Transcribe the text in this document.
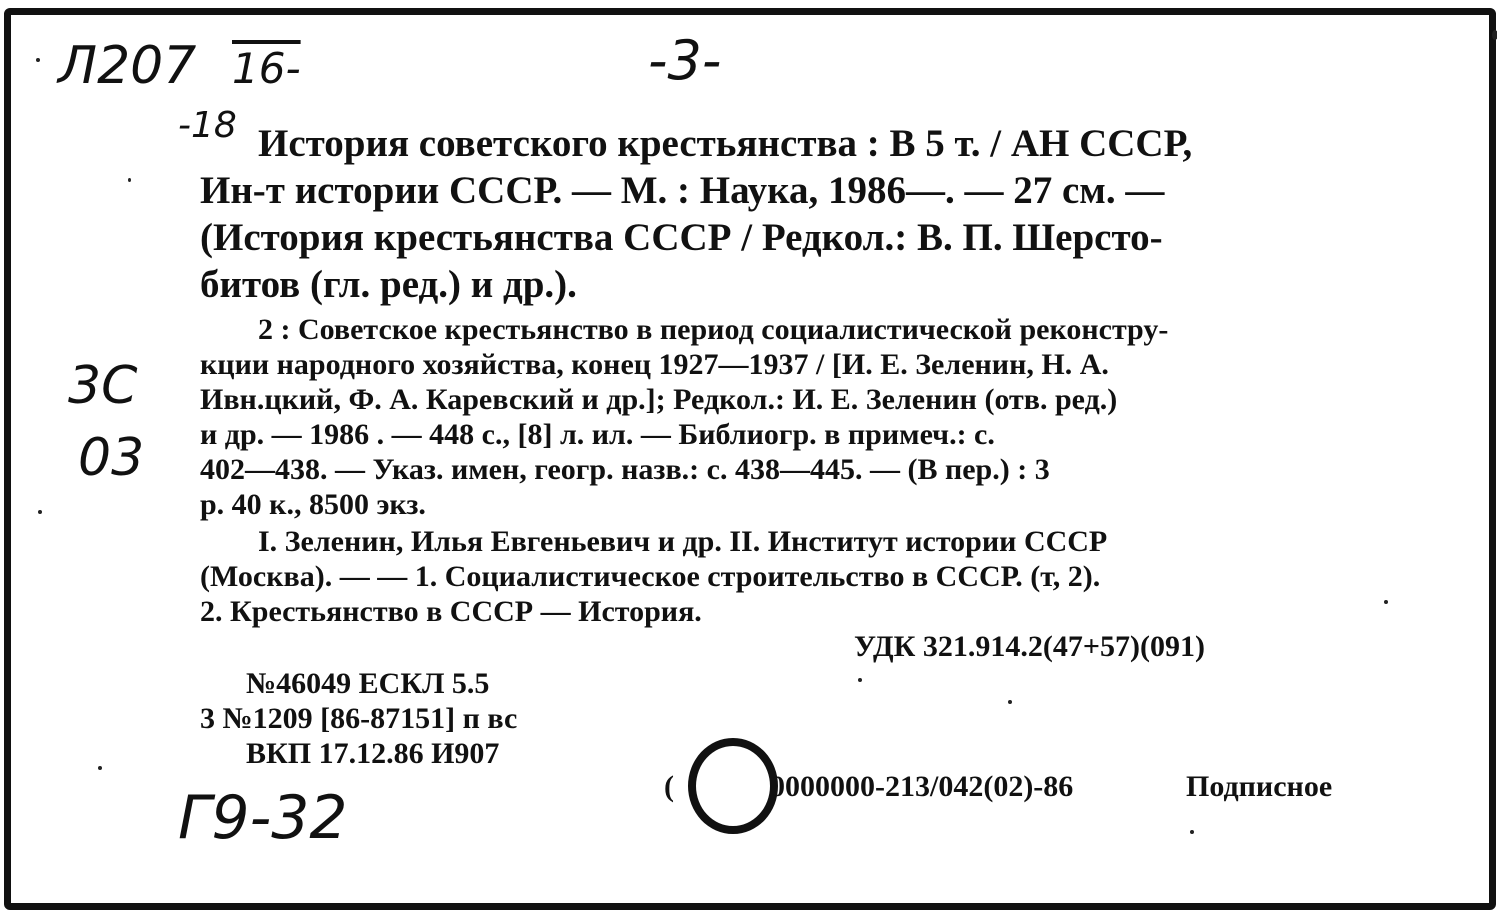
Л207 16-
-18
-3-
3С
03
Г9-32
История советского крестьянства : В 5 т. / АН СССР,
Ин-т истории СССР. — М. : Наука, 1986—. — 27 см. —
(История крестьянства СССР / Редкол.: В. П. Шерсто-
битов (гл. ред.) и др.).
2 : Советское крестьянство в период социалистической реконстру-
кции народного хозяйства, конец 1927—1937 / [И. Е. Зеленин, Н. А.
Ивн.цкий, Ф. А. Каревский и др.]; Редкол.: И. Е. Зеленин (отв. ред.)
и др. — 1986 . — 448 с., [8] л. ил. — Библиогр. в примеч.: с.
402—438. — Указ. имен, геогр. назв.: с. 438—445. — (В пер.) : 3
р. 40 к., 8500 экз.
I. Зеленин, Илья Евгеньевич и др. II. Институт истории СССР
(Москва). — — 1. Социалистическое строительство в СССР. (т, 2).
2. Крестьянство в СССР — История.
УДК 321.914.2(47+57)(091)
№46049 ЕСКЛ 5.5
3 №1209 [86-87151] п вс
ВКП 17.12.86 И907
(	0000000-213/042(02)-86	Подписное
